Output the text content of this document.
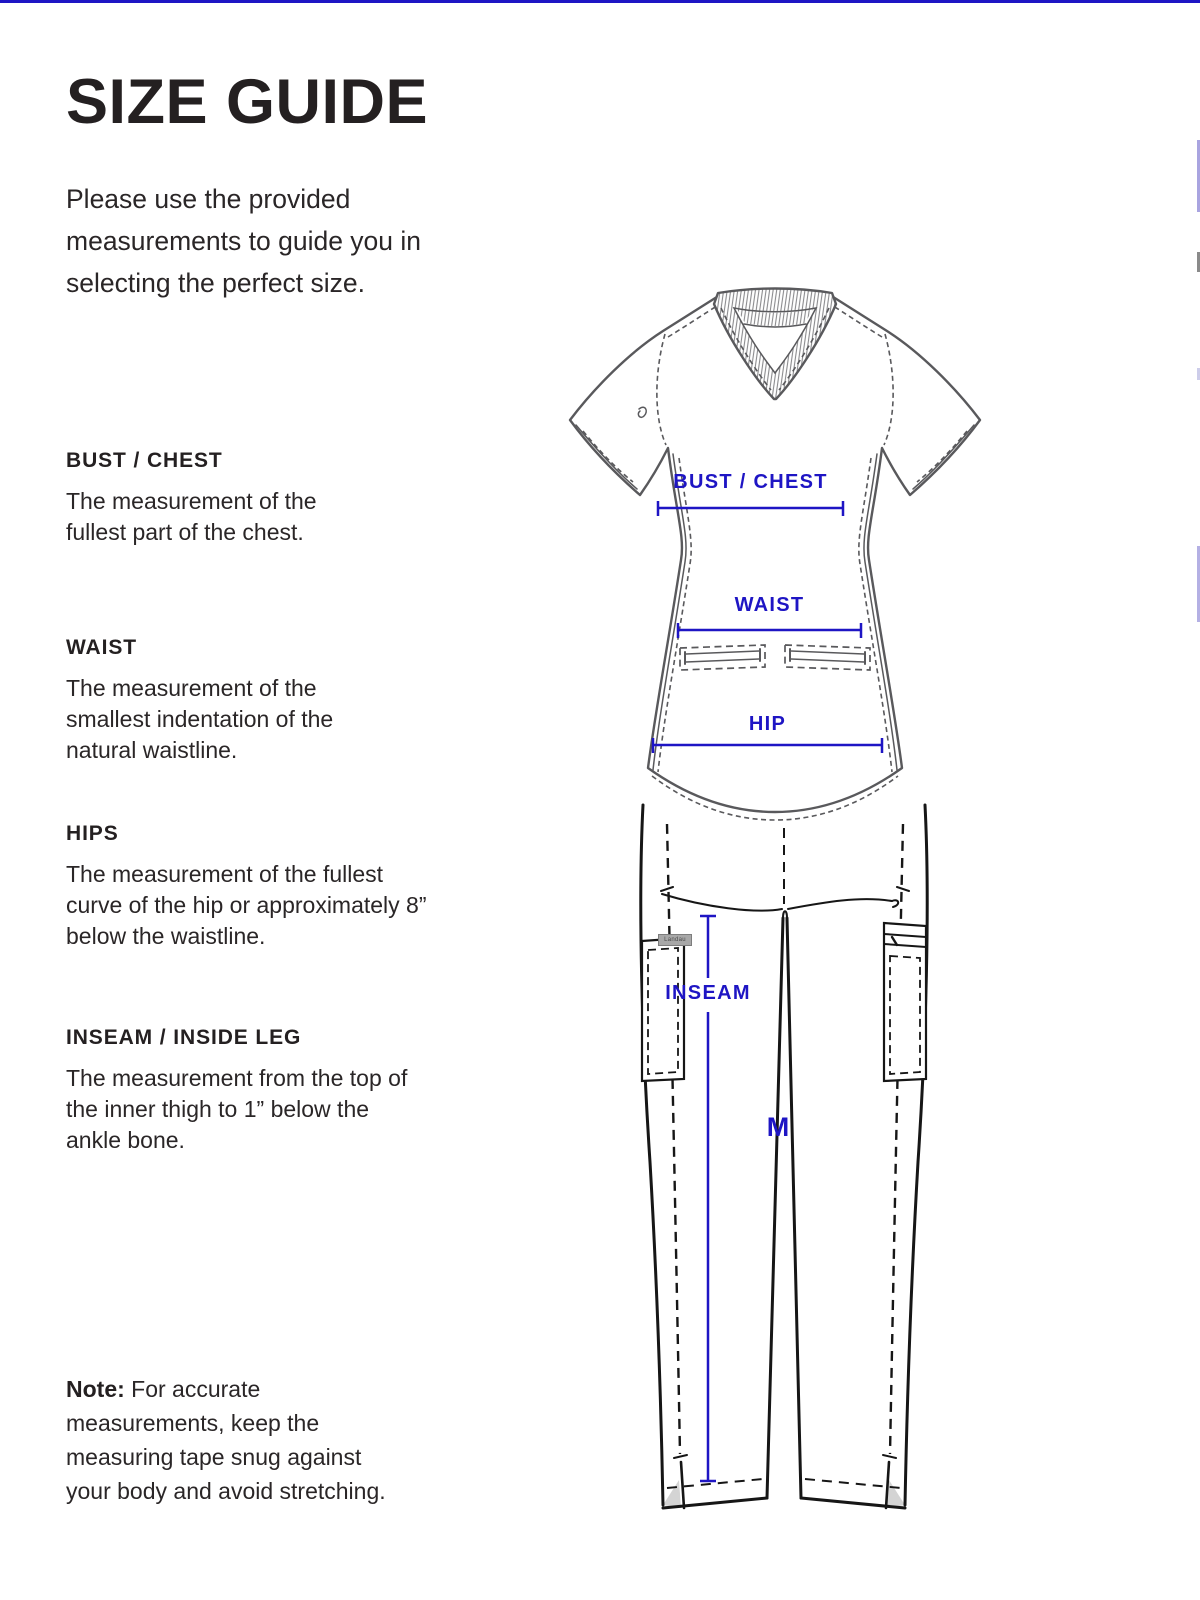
SIZE GUIDE

Please use the provided measurements to guide you in selecting the perfect size.

BUST / CHEST

The measurement of the fullest part of the chest.

WAIST

The measurement of the smallest indentation of the natural waistline.

HIPS

The measurement of the fullest curve of the hip or approximately 8” below the waistline.

INSEAM / INSIDE LEG

The measurement from the top of the inner thigh to 1” below the ankle bone.

Note: For accurate measurements, keep the measuring tape snug against your body and avoid stretching.

BUST / CHEST
WAIST
HIP
INSEAM
M
Landau
